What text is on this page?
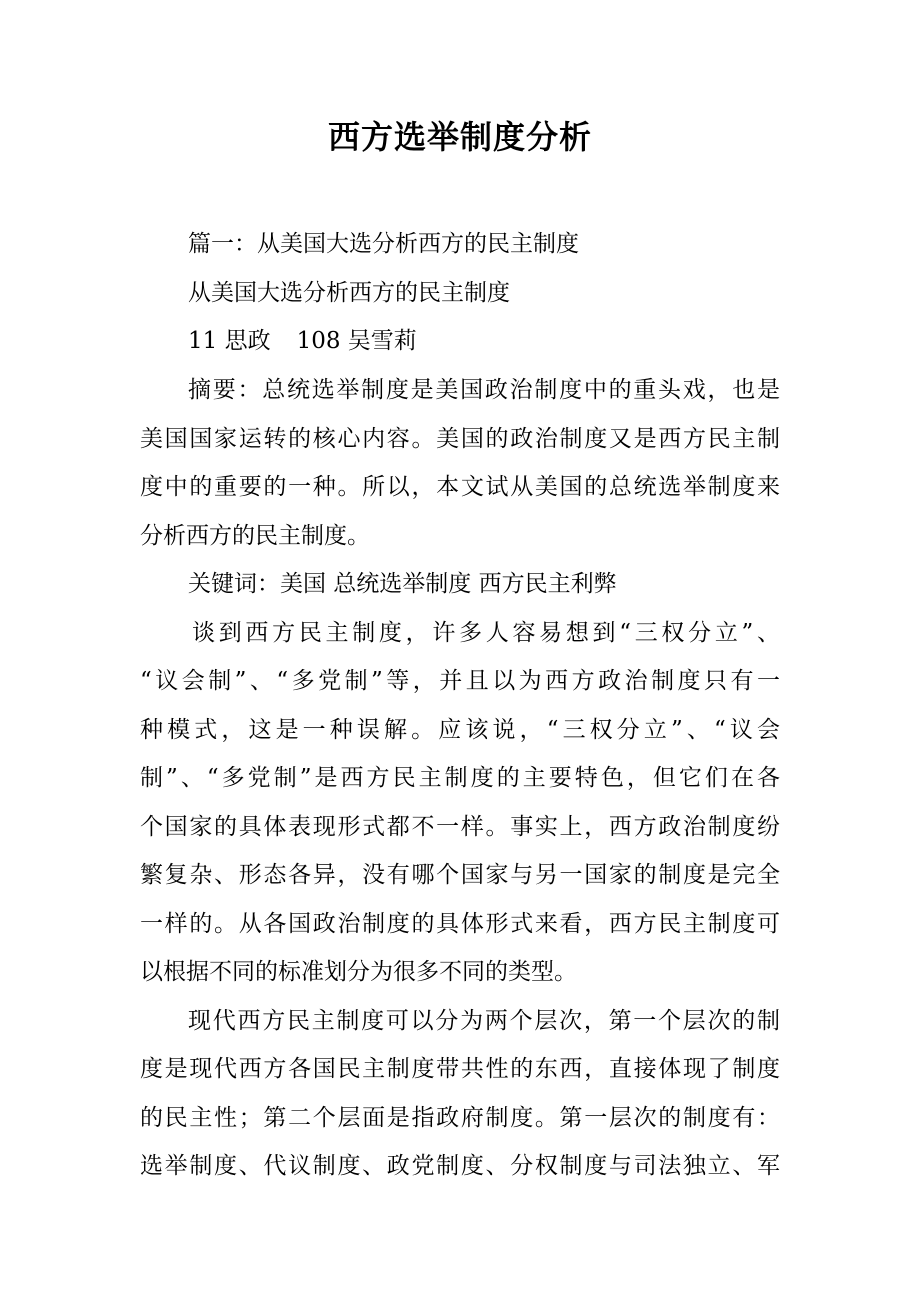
西方选举制度分析
篇一：从美国大选分析西方的民主制度
从美国大选分析西方的民主制度
11 思政 108 吴雪莉
摘要：总统选举制度是美国政治制度中的重头戏，也是
美国国家运转的核心内容。美国的政治制度又是西方民主制
度中的重要的一种。所以，本文试从美国的总统选举制度来
分析西方的民主制度。
关键词：美国 总统选举制度 西方民主利弊
谈到西方民主制度，许多人容易想到“三权分立”、
“议会制”、“多党制”等，并且以为西方政治制度只有一
种模式，这是一种误解。应该说，“三权分立”、“议会
制”、“多党制”是西方民主制度的主要特色，但它们在各
个国家的具体表现形式都不一样。事实上，西方政治制度纷
繁复杂、形态各异，没有哪个国家与另一国家的制度是完全
一样的。从各国政治制度的具体形式来看，西方民主制度可
以根据不同的标准划分为很多不同的类型。
现代西方民主制度可以分为两个层次，第一个层次的制
度是现代西方各国民主制度带共性的东西，直接体现了制度
的民主性；第二个层面是指政府制度。第一层次的制度有：
选举制度、代议制度、政党制度、分权制度与司法独立、军
